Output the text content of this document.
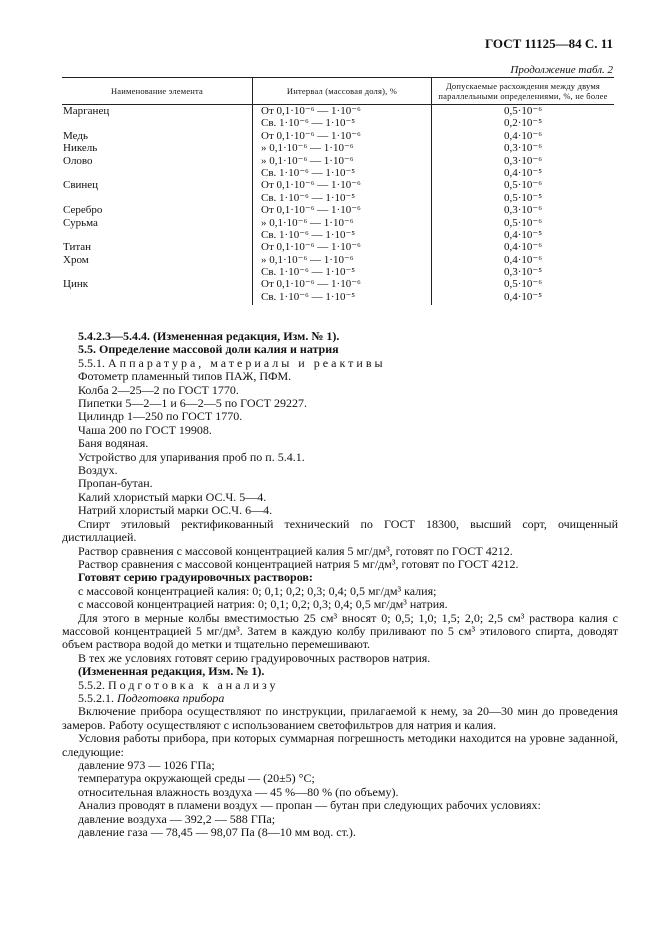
ГОСТ 11125—84 С. 11
Продолжение табл. 2
Наименование элемента	Интервал (массовая доля), %	Допускаемые расхождения между двумя параллельными определениями, %, не более
Марганец	От 0,1·10⁻⁶ — 1·10⁻⁶	0,5·10⁻⁶
	Св. 1·10⁻⁶ — 1·10⁻⁵	0,2·10⁻⁵
Медь	От 0,1·10⁻⁶ — 1·10⁻⁶	0,4·10⁻⁶
Никель	» 0,1·10⁻⁶ — 1·10⁻⁶	0,3·10⁻⁶
Олово	» 0,1·10⁻⁶ — 1·10⁻⁶	0,3·10⁻⁶
	Св. 1·10⁻⁶ — 1·10⁻⁵	0,4·10⁻⁵
Свинец	От 0,1·10⁻⁶ — 1·10⁻⁶	0,5·10⁻⁶
	Св. 1·10⁻⁶ — 1·10⁻⁵	0,5·10⁻⁵
Серебро	От 0,1·10⁻⁶ — 1·10⁻⁶	0,3·10⁻⁶
Сурьма	» 0,1·10⁻⁶ — 1·10⁻⁶	0,5·10⁻⁶
	Св. 1·10⁻⁶ — 1·10⁻⁵	0,4·10⁻⁵
Титан	От 0,1·10⁻⁶ — 1·10⁻⁶	0,4·10⁻⁶
Хром	» 0,1·10⁻⁶ — 1·10⁻⁶	0,4·10⁻⁶
	Св. 1·10⁻⁶ — 1·10⁻⁵	0,3·10⁻⁵
Цинк	От 0,1·10⁻⁶ — 1·10⁻⁶	0,5·10⁻⁶
	Св. 1·10⁻⁶ — 1·10⁻⁵	0,4·10⁻⁵

5.4.2.3—5.4.4. (Измененная редакция, Изм. № 1).

5.5. Определение массовой доли калия и натрия

5.5.1. Аппаратура, материалы и реактивы

Фотометр пламенный типов ПАЖ, ПФМ.

Колба 2—25—2 по ГОСТ 1770.

Пипетки 5—2—1 и 6—2—5 по ГОСТ 29227.

Цилиндр 1—250 по ГОСТ 1770.

Чаша 200 по ГОСТ 19908.

Баня водяная.

Устройство для упаривания проб по п. 5.4.1.

Воздух.

Пропан-бутан.

Калий хлористый марки ОС.Ч. 5—4.

Натрий хлористый марки ОС.Ч. 6—4.

Спирт этиловый ректификованный технический по ГОСТ 18300, высший сорт, очищенный дистиллацией.

Раствор сравнения с массовой концентрацией калия 5 мг/дм³, готовят по ГОСТ 4212.

Раствор сравнения с массовой концентрацией натрия 5 мг/дм³, готовят по ГОСТ 4212.

Готовят серию градуировочных растворов:

с массовой концентрацией калия: 0; 0,1; 0,2; 0,3; 0,4; 0,5 мг/дм³ калия;

с массовой концентрацией натрия: 0; 0,1; 0,2; 0,3; 0,4; 0,5 мг/дм³ натрия.

Для этого в мерные колбы вместимостью 25 см³ вносят 0; 0,5; 1,0; 1,5; 2,0; 2,5 см³ раствора калия с массовой концентрацией 5 мг/дм³. Затем в каждую колбу приливают по 5 см³ этилового спирта, доводят объем раствора водой до метки и тщательно перемешивают.

В тех же условиях готовят серию градуировочных растворов натрия.

(Измененная редакция, Изм. № 1).

5.5.2. Подготовка к анализу

5.5.2.1. Подготовка прибора

Включение прибора осуществляют по инструкции, прилагаемой к нему, за 20—30 мин до проведения замеров. Работу осуществляют с использованием светофильтров для натрия и калия.

Условия работы прибора, при которых суммарная погрешность методики находится на уровне заданной, следующие:

давление 973 — 1026 ГПа;

температура окружающей среды — (20±5) °С;

относительная влажность воздуха — 45 %—80 % (по объему).

Анализ проводят в пламени воздух — пропан — бутан при следующих рабочих условиях:

давление воздуха — 392,2 — 588 ГПа;

давление газа — 78,45 — 98,07 Па (8—10 мм вод. ст.).
